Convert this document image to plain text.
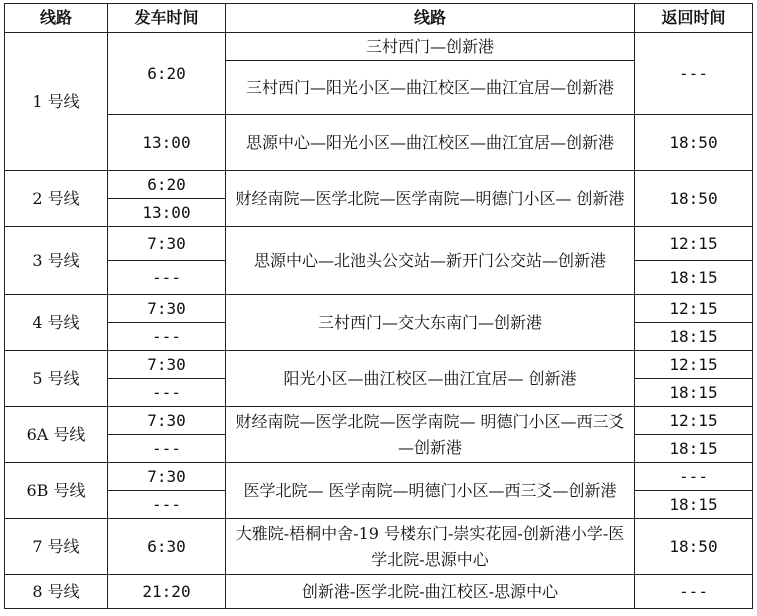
线路	发车时间	线路	返回时间
1 号线	6:20	三村西门—创新港	---
		三村西门—阳光小区—曲江校区—曲江宜居—创新港	
	13:00	思源中心—阳光小区—曲江校区—曲江宜居—创新港	18:50
2 号线	6:20	财经南院—医学北院—医学南院—明德门小区— 创新港	18:50
	13:00		
3 号线	7:30	思源中心—北池头公交站—新开门公交站—创新港	12:15
	---		18:15
4 号线	7:30	三村西门—交大东南门—创新港	12:15
	---		18:15
5 号线	7:30	阳光小区—曲江校区—曲江宜居— 创新港	12:15
	---		18:15
6A 号线	7:30	财经南院—医学北院—医学南院— 明德门小区—西三爻—创新港	12:15
	---		18:15
6B 号线	7:30	医学北院— 医学南院—明德门小区—西三爻—创新港	---
	---		18:15
7 号线	6:30	大雅院-梧桐中舍-19 号楼东门-崇实花园-创新港小学-医学北院-思源中心	18:50
8 号线	21:20	创新港-医学北院-曲江校区-思源中心	---
